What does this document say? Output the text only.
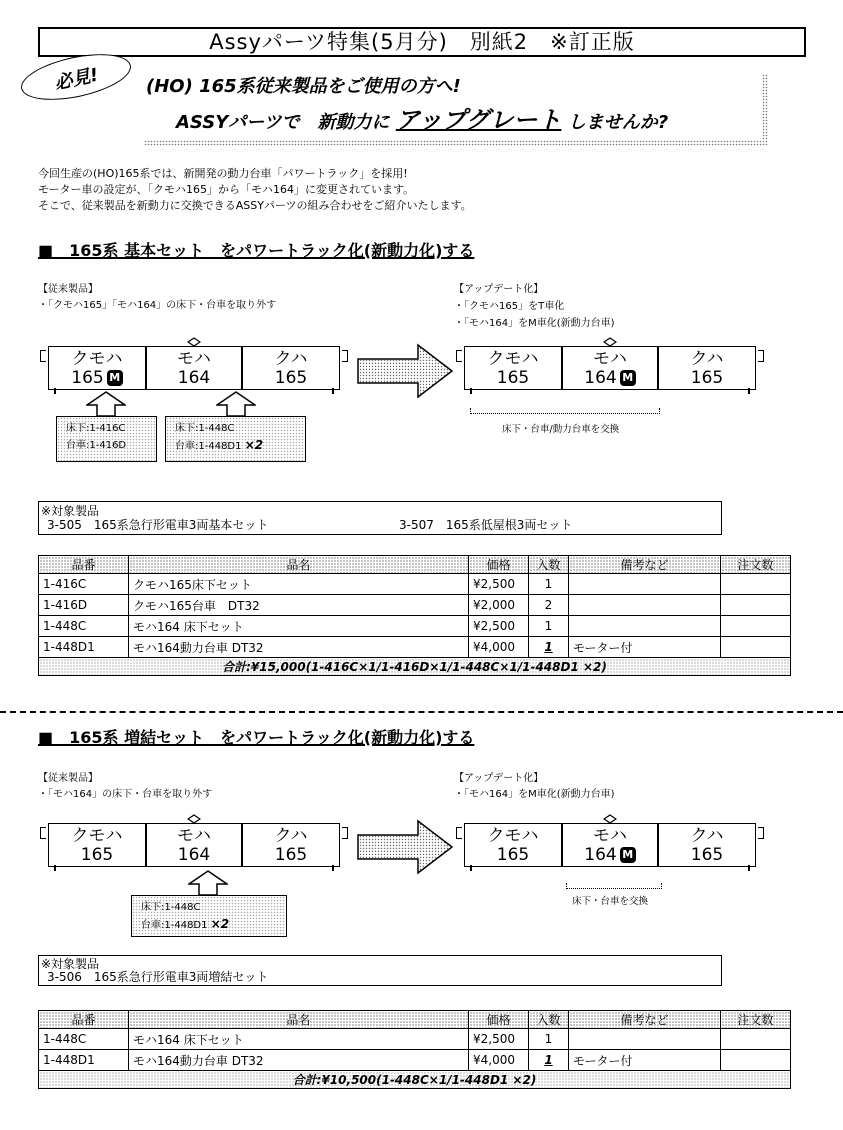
Assyパーツ特集(5月分)　別紙2　※訂正版
必見!	(HO) 165系従来製品をご使用の方へ!
ASSYパーツで　新動力に アップグレート しませんか?
今回生産の(HO)165系では、新開発の動力台車「パワートラック」を採用!
モーター車の設定が、「クモハ165」から「モハ164」に変更されています。
そこで、従来製品を新動力に交換できるASSYパーツの組み合わせをご紹介いたします。
■　165系 基本セット　をパワートラック化(新動力化)する
【従来製品】
・「クモハ165」「モハ164」の床下・台車を取り外す
【アップデート化】
・「クモハ165」をT車化
・「モハ164」をM車化(新動力台車)
クモハ
165 M
モハ
164
クハ
165
クモハ
165
モハ
164 M
クハ
165
床下・台車/動力台車を交換
床下:1-416C
台車:1-416D
床下:1-448C
台車:1-448D1 ×2
※対象製品
3-505　165系急行形電車3両基本セット	3-507　165系低屋根3両セット
品番	品名	価格	入数	備考など	注文数
1-416C	クモハ165床下セット	¥2,500	1		
1-416D	クモハ165台車　DT32	¥2,000	2		
1-448C	モハ164 床下セット	¥2,500	1		
1-448D1	モハ164動力台車 DT32	¥4,000	1	モーター付	
合計:¥15,000(1-416C×1/1-416D×1/1-448C×1/1-448D1 ×2)					
■　165系 増結セット　をパワートラック化(新動力化)する
【従来製品】
・「モハ164」の床下・台車を取り外す
【アップデート化】
・「モハ164」をM車化(新動力台車)
クモハ
165
モハ
164
クハ
165
クモハ
165
モハ
164 M
クハ
165
床下・台車を交換
床下:1-448C
台車:1-448D1 ×2
※対象製品
3-506　165系急行形電車3両増結セット
品番	品名	価格	入数	備考など	注文数
1-448C	モハ164 床下セット	¥2,500	1		
1-448D1	モハ164動力台車 DT32	¥4,000	1	モーター付	
合計:¥10,500(1-448C×1/1-448D1 ×2)					
